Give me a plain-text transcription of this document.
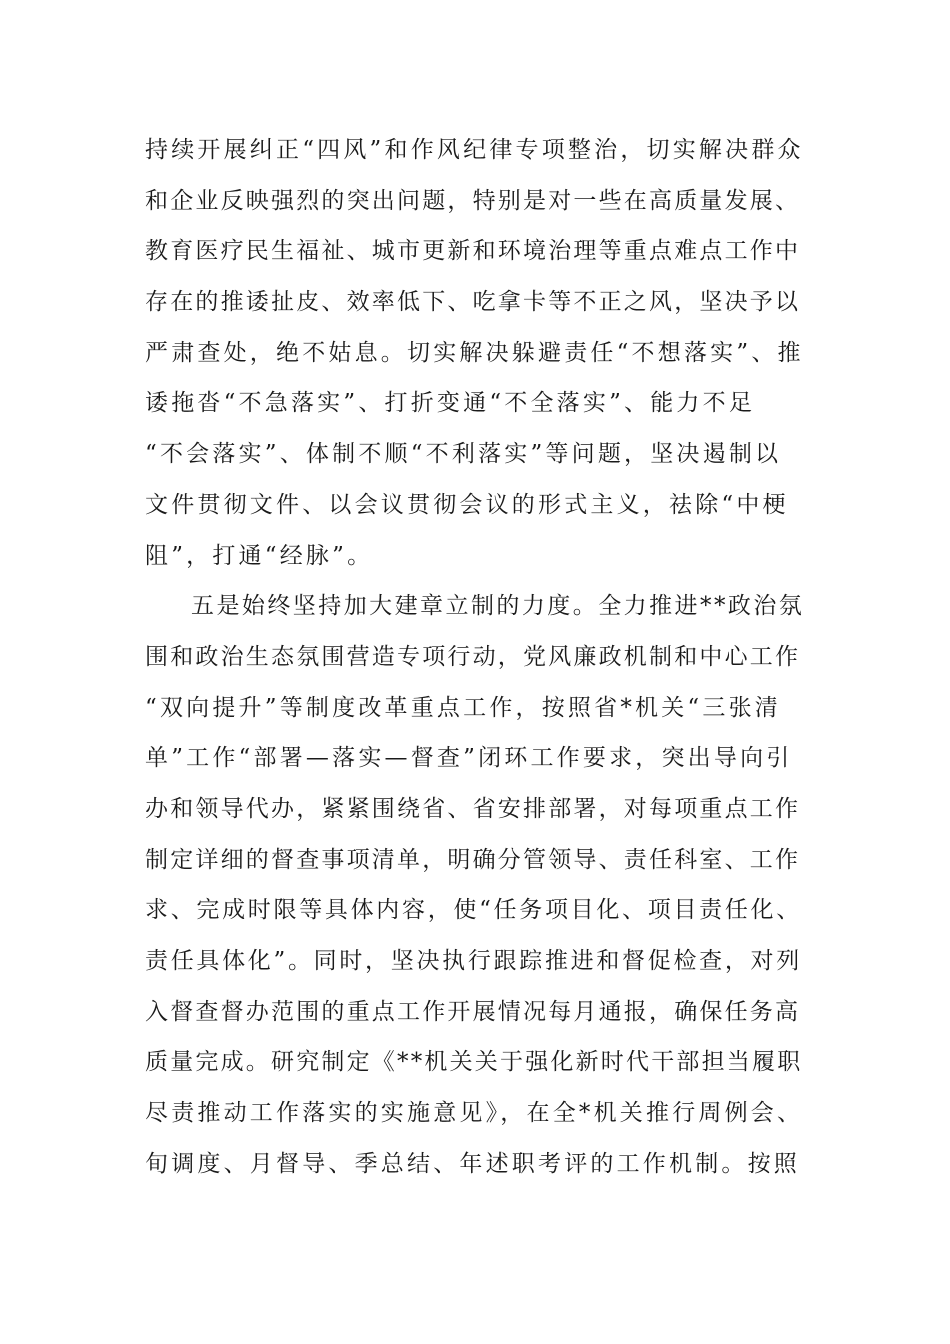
持续开展纠正“四风”和作风纪律专项整治，切实解决群众
和企业反映强烈的突出问题，特别是对一些在高质量发展、
教育医疗民生福祉、城市更新和环境治理等重点难点工作中
存在的推诿扯皮、效率低下、吃拿卡等不正之风，坚决予以
严肃查处，绝不姑息。切实解决躲避责任“不想落实”、推
诿拖沓“不急落实”、打折变通“不全落实”、能力不足
“不会落实”、体制不顺“不利落实”等问题，坚决遏制以
文件贯彻文件、以会议贯彻会议的形式主义，祛除“中梗
阻”，打通“经脉”。
五是始终坚持加大建章立制的力度。全力推进**政治氛
围和政治生态氛围营造专项行动，党风廉政机制和中心工作
“双向提升”等制度改革重点工作，按照省*机关“三张清
单”工作“部署—落实—督查”闭环工作要求，突出导向引
办和领导代办，紧紧围绕省、省安排部署，对每项重点工作
制定详细的督查事项清单，明确分管领导、责任科室、工作
求、完成时限等具体内容，使“任务项目化、项目责任化、
责任具体化”。同时，坚决执行跟踪推进和督促检查，对列
入督查督办范围的重点工作开展情况每月通报，确保任务高
质量完成。研究制定《**机关关于强化新时代干部担当履职
尽责推动工作落实的实施意见》，在全*机关推行周例会、
旬调度、月督导、季总结、年述职考评的工作机制。按照
